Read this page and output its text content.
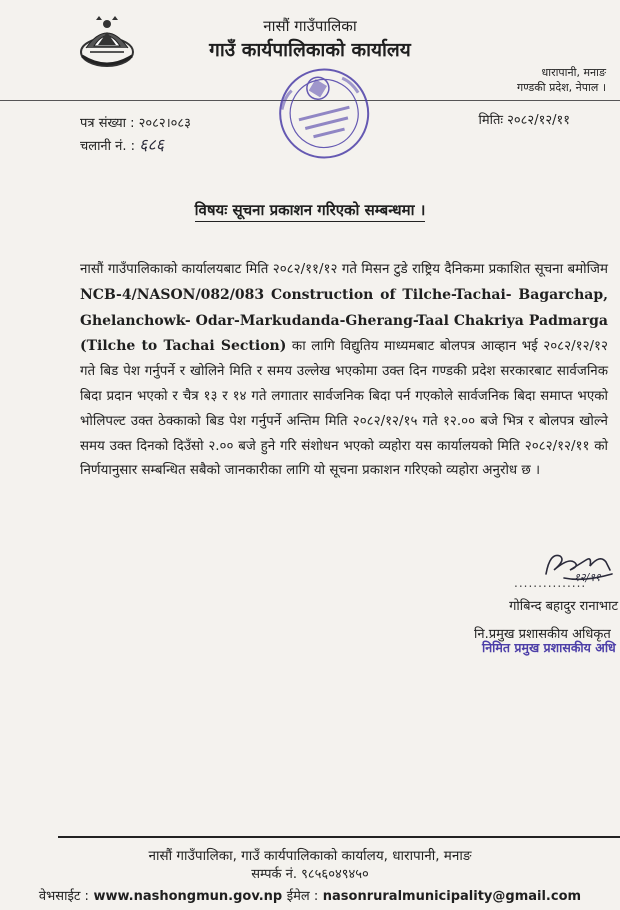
नासौं गाउँपालिका
गाउँ कार्यपालिकाको कार्यालय
धारापानी, मनाङ
गण्डकी प्रदेश, नेपाल ।
पत्र संख्या : २०८२।०८३
चलानी नं. : ६८६
मितिः २०८२/१२/११
विषयः सूचना प्रकाशन गरिएको सम्बन्धमा ।
नासौं गाउँपालिकाको कार्यालयबाट मिति २०८२/११/१२ गते मिसन टुडे राष्ट्रिय दैनिकमा प्रकाशित सूचना बमोजिम NCB-4/NASON/082/083 Construction of Tilche-Tachai- Bagarchap, Ghelanchowk- Odar-Markudanda-Gherang-Taal Chakriya Padmarga (Tilche to Tachai Section) का लागि विद्युतिय माध्यमबाट बोलपत्र आव्हान भई २०८२/१२/१२ गते बिड पेश गर्नुपर्ने र खोलिने मिति र समय उल्लेख भएकोमा उक्त दिन गण्डकी प्रदेश सरकारबाट सार्वजनिक बिदा प्रदान भएको र चैत्र १३ र १४ गते लगातार सार्वजनिक बिदा पर्न गएकोले सार्वजनिक बिदा समाप्त भएको भोलिपल्ट उक्त ठेक्काको बिड पेश गर्नुपर्ने अन्तिम मिति २०८२/१२/१५ गते १२.०० बजे भित्र र बोलपत्र खोल्ने समय उक्त दिनको दिउँसो २.०० बजे हुने गरि संशोधन भएको व्यहोरा यस कार्यालयको मिति २०८२/१२/११ को निर्णयानुसार सम्बन्धित सबैको जानकारीका लागि यो सूचना प्रकाशन गरिएको व्यहोरा अनुरोध छ ।
१२/११
...............
गोबिन्द बहादुर रानाभाट
नि.प्रमुख प्रशासकीय अधिकृत
निमित प्रमुख प्रशासकीय अधि
नासौं गाउँपालिका, गाउँ कार्यपालिकाको कार्यालय, धारापानी, मनाङ
सम्पर्क नं. ९८५६०४९४५०
वेभसाईट : www.nashongmun.gov.np ईमेल : nasonruralmunicipality@gmail.com
